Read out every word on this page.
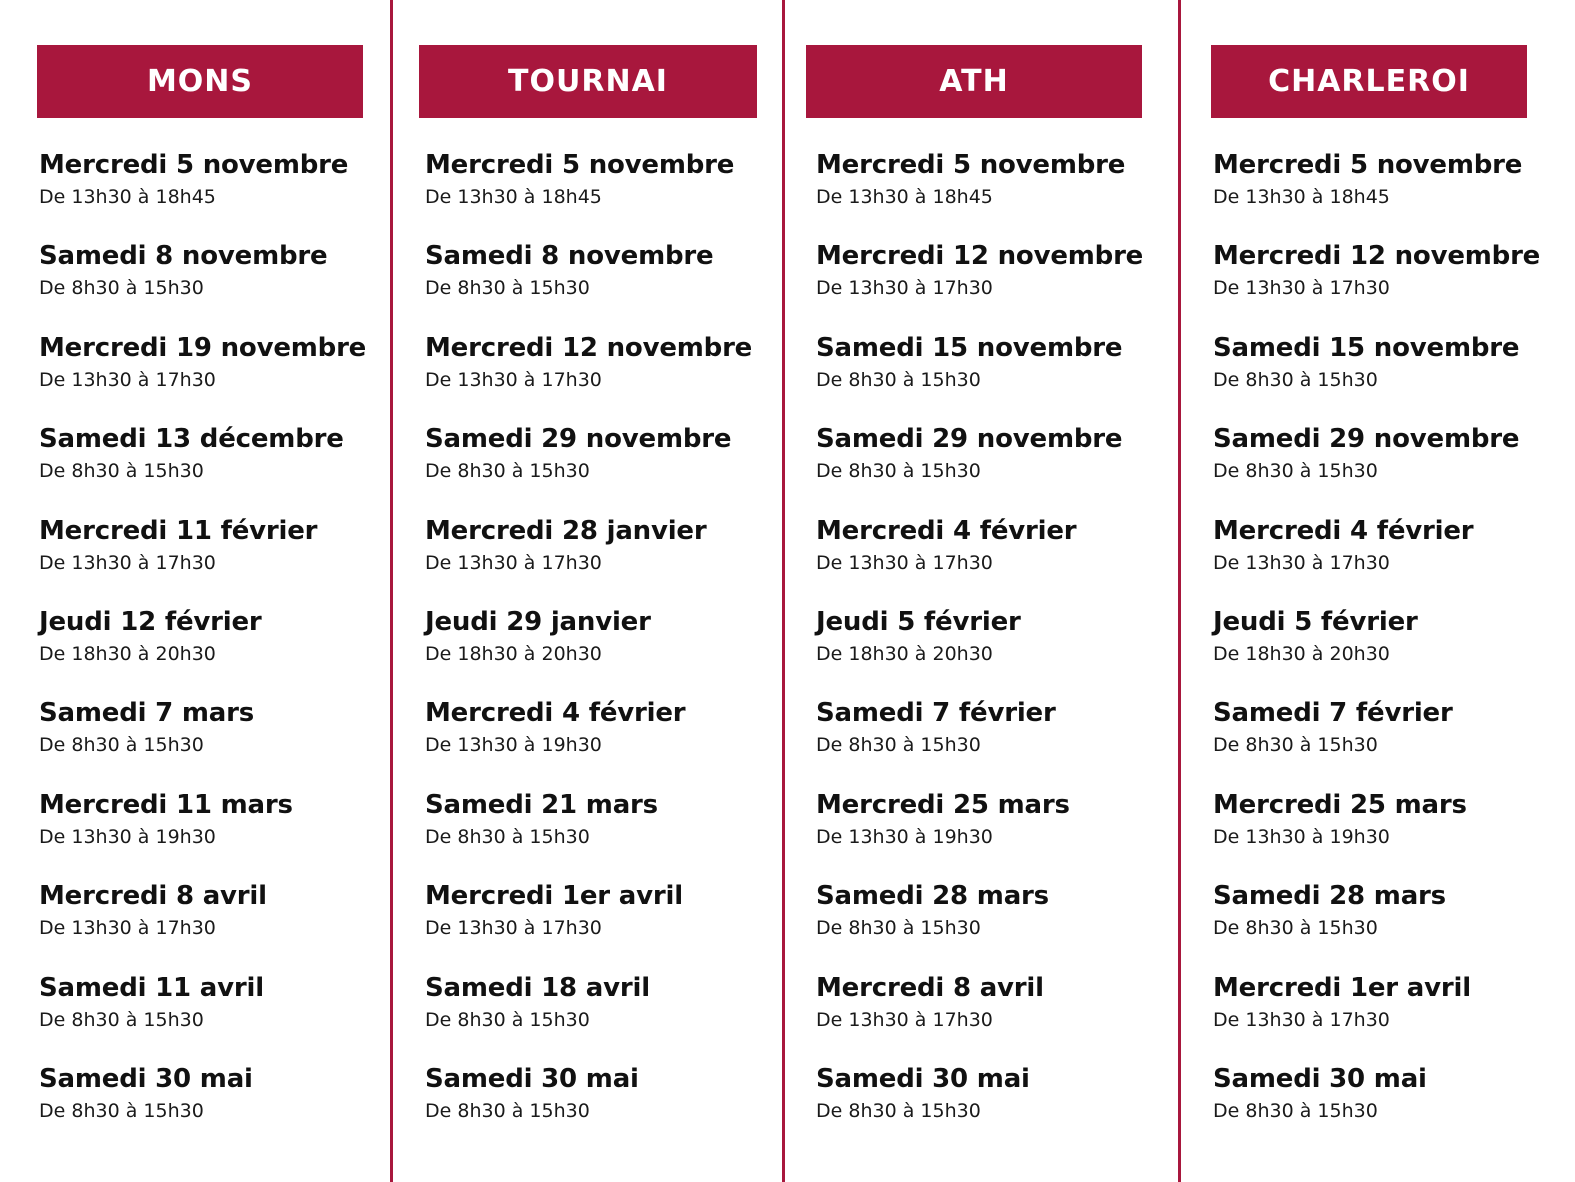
MONS
Mercredi 5 novembre
De 13h30 à 18h45
Samedi 8 novembre
De 8h30 à 15h30
Mercredi 19 novembre
De 13h30 à 17h30
Samedi 13 décembre
De 8h30 à 15h30
Mercredi 11 février
De 13h30 à 17h30
Jeudi 12 février
De 18h30 à 20h30
Samedi 7 mars
De 8h30 à 15h30
Mercredi 11 mars
De 13h30 à 19h30
Mercredi 8 avril
De 13h30 à 17h30
Samedi 11 avril
De 8h30 à 15h30
Samedi 30 mai
De 8h30 à 15h30
TOURNAI
Mercredi 5 novembre
De 13h30 à 18h45
Samedi 8 novembre
De 8h30 à 15h30
Mercredi 12 novembre
De 13h30 à 17h30
Samedi 29 novembre
De 8h30 à 15h30
Mercredi 28 janvier
De 13h30 à 17h30
Jeudi 29 janvier
De 18h30 à 20h30
Mercredi 4 février
De 13h30 à 19h30
Samedi 21 mars
De 8h30 à 15h30
Mercredi 1er avril
De 13h30 à 17h30
Samedi 18 avril
De 8h30 à 15h30
Samedi 30 mai
De 8h30 à 15h30
ATH
Mercredi 5 novembre
De 13h30 à 18h45
Mercredi 12 novembre
De 13h30 à 17h30
Samedi 15 novembre
De 8h30 à 15h30
Samedi 29 novembre
De 8h30 à 15h30
Mercredi 4 février
De 13h30 à 17h30
Jeudi 5 février
De 18h30 à 20h30
Samedi 7 février
De 8h30 à 15h30
Mercredi 25 mars
De 13h30 à 19h30
Samedi 28 mars
De 8h30 à 15h30
Mercredi 8 avril
De 13h30 à 17h30
Samedi 30 mai
De 8h30 à 15h30
CHARLEROI
Mercredi 5 novembre
De 13h30 à 18h45
Mercredi 12 novembre
De 13h30 à 17h30
Samedi 15 novembre
De 8h30 à 15h30
Samedi 29 novembre
De 8h30 à 15h30
Mercredi 4 février
De 13h30 à 17h30
Jeudi 5 février
De 18h30 à 20h30
Samedi 7 février
De 8h30 à 15h30
Mercredi 25 mars
De 13h30 à 19h30
Samedi 28 mars
De 8h30 à 15h30
Mercredi 1er avril
De 13h30 à 17h30
Samedi 30 mai
De 8h30 à 15h30
